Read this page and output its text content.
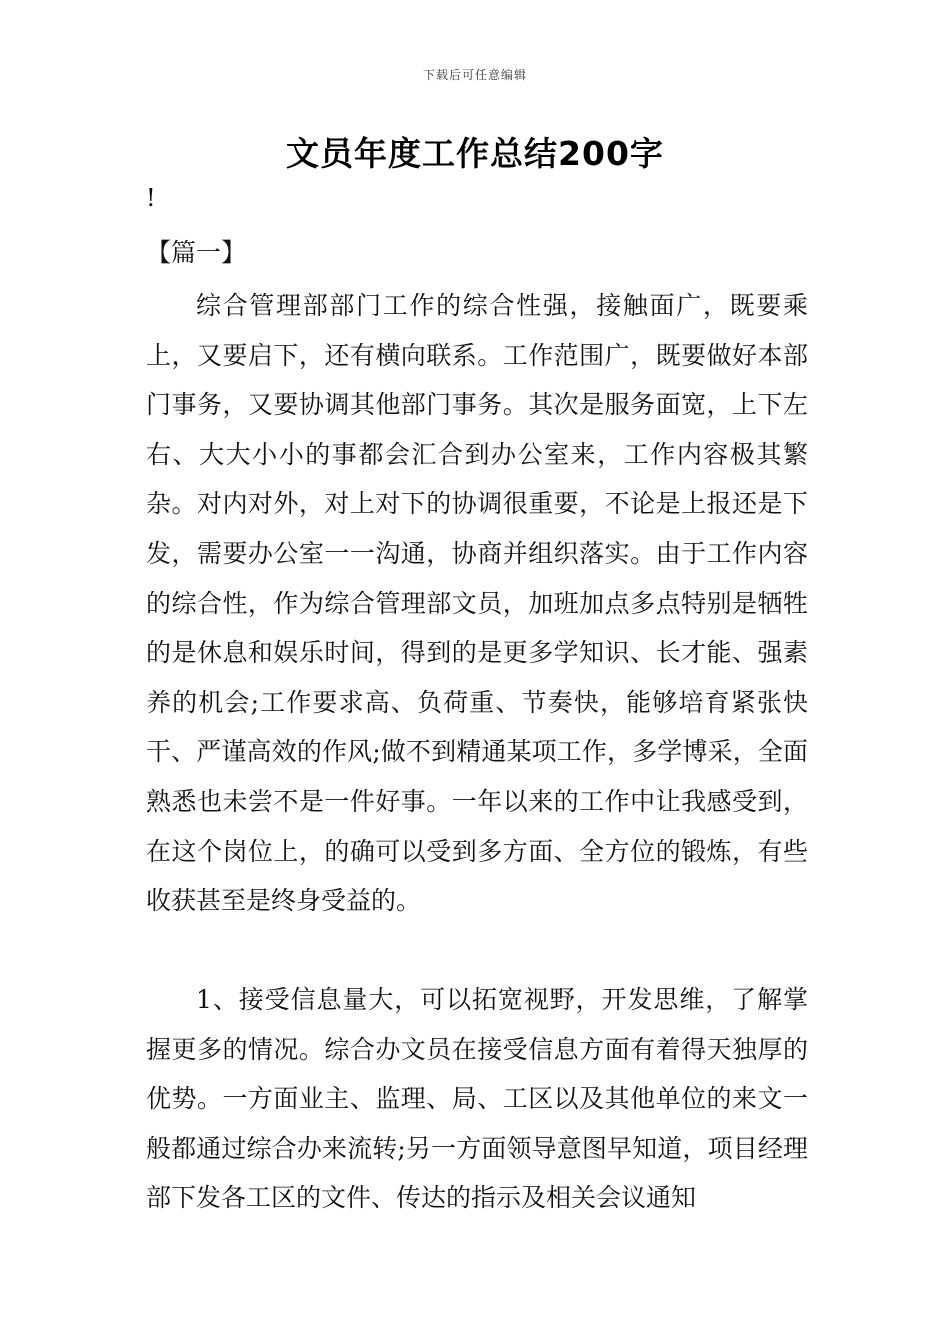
下载后可任意编辑
文员年度工作总结200字
!
【篇一】

综合管理部部门工作的综合性强，接触面广，既要乘上，又要启下，还有横向联系。工作范围广，既要做好本部门事务，又要协调其他部门事务。其次是服务面宽，上下左右、大大小小的事都会汇合到办公室来，工作内容极其繁杂。对内对外，对上对下的协调很重要，不论是上报还是下发，需要办公室一一沟通，协商并组织落实。由于工作内容的综合性，作为综合管理部文员，加班加点多点特别是牺牲的是休息和娱乐时间，得到的是更多学知识、长才能、强素养的机会;工作要求高、负荷重、节奏快，能够培育紧张快干、严谨高效的作风;做不到精通某项工作，多学博采，全面熟悉也未尝不是一件好事。一年以来的工作中让我感受到，在这个岗位上，的确可以受到多方面、全方位的锻炼，有些收获甚至是终身受益的。

1、接受信息量大，可以拓宽视野，开发思维，了解掌握更多的情况。综合办文员在接受信息方面有着得天独厚的优势。一方面业主、监理、局、工区以及其他单位的来文一般都通过综合办来流转;另一方面领导意图早知道，项目经理部下发各工区的文件、传达的指示及相关会议通知
